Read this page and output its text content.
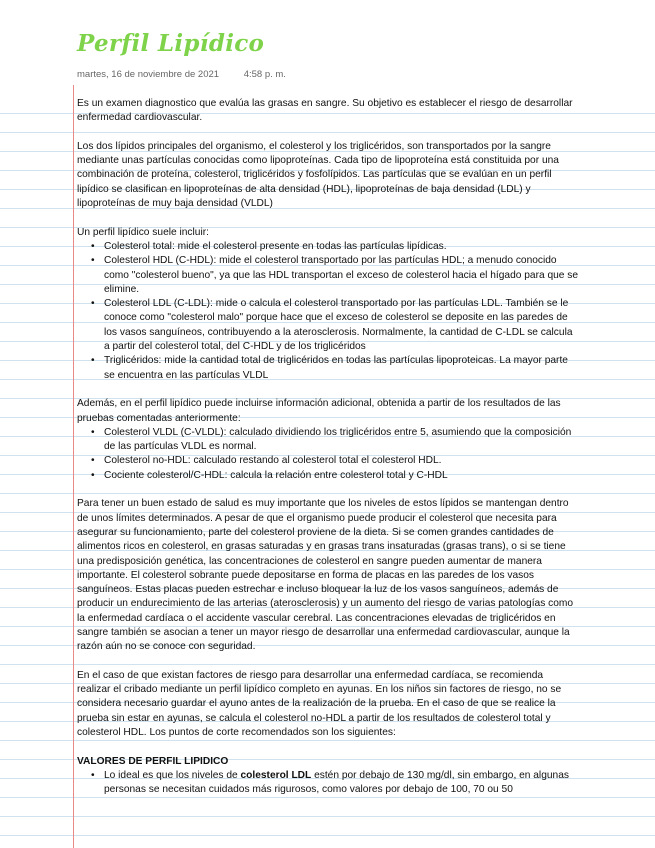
Perfil Lipídico
martes, 16 de noviembre de 2021	4:58 p. m.

Es un examen diagnostico que evalúa las grasas en sangre. Su objetivo es establecer el riesgo de desarrollar enfermedad cardiovascular.

Los dos lípidos principales del organismo, el colesterol y los triglicéridos, son transportados por la sangre mediante unas partículas conocidas como lipoproteínas. Cada tipo de lipoproteína está constituida por una combinación de proteína, colesterol, triglicéridos y fosfolípidos. Las partículas que se evalúan en un perfil lipídico se clasifican en lipoproteínas de alta densidad (HDL), lipoproteínas de baja densidad (LDL) y lipoproteínas de muy baja densidad (VLDL)

Un perfil lipídico suele incluir:

• Colesterol total: mide el colesterol presente en todas las partículas lipídicas.
• Colesterol HDL (C-HDL): mide el colesterol transportado por las partículas HDL; a menudo conocido como "colesterol bueno", ya que las HDL transportan el exceso de colesterol hacia el hígado para que se elimine.
• Colesterol LDL (C-LDL): mide o calcula el colesterol transportado por las partículas LDL. También se le conoce como "colesterol malo" porque hace que el exceso de colesterol se deposite en las paredes de los vasos sanguíneos, contribuyendo a la aterosclerosis. Normalmente, la cantidad de C-LDL se calcula a partir del colesterol total, del C-HDL y de los triglicéridos
• Triglicéridos: mide la cantidad total de triglicéridos en todas las partículas lipoproteicas. La mayor parte se encuentra en las partículas VLDL

Además, en el perfil lipídico puede incluirse información adicional, obtenida a partir de los resultados de las pruebas comentadas anteriormente:

• Colesterol VLDL (C-VLDL): calculado dividiendo los triglicéridos entre 5, asumiendo que la composición de las partículas VLDL es normal.
• Colesterol no-HDL: calculado restando al colesterol total el colesterol HDL.
• Cociente colesterol/C-HDL: calcula la relación entre colesterol total y C-HDL

Para tener un buen estado de salud es muy importante que los niveles de estos lípidos se mantengan dentro de unos límites determinados. A pesar de que el organismo puede producir el colesterol que necesita para asegurar su funcionamiento, parte del colesterol proviene de la dieta. Si se comen grandes cantidades de alimentos ricos en colesterol, en grasas saturadas y en grasas trans insaturadas (grasas trans), o si se tiene una predisposición genética, las concentraciones de colesterol en sangre pueden aumentar de manera importante. El colesterol sobrante puede depositarse en forma de placas en las paredes de los vasos sanguíneos. Estas placas pueden estrechar e incluso bloquear la luz de los vasos sanguíneos, además de producir un endurecimiento de las arterias (aterosclerosis) y un aumento del riesgo de varias patologías como la enfermedad cardíaca o el accidente vascular cerebral. Las concentraciones elevadas de triglicéridos en sangre también se asocian a tener un mayor riesgo de desarrollar una enfermedad cardiovascular, aunque la razón aún no se conoce con seguridad.

En el caso de que existan factores de riesgo para desarrollar una enfermedad cardíaca, se recomienda realizar el cribado mediante un perfil lipídico completo en ayunas. En los niños sin factores de riesgo, no se considera necesario guardar el ayuno antes de la realización de la prueba. En el caso de que se realice la prueba sin estar en ayunas, se calcula el colesterol no-HDL a partir de los resultados de colesterol total y colesterol HDL. Los puntos de corte recomendados son los siguientes:

VALORES DE PERFIL LIPIDICO

• Lo ideal es que los niveles de colesterol LDL estén por debajo de 130 mg/dl, sin embargo, en algunas personas se necesitan cuidados más rigurosos, como valores por debajo de 100, 70 ou 50
